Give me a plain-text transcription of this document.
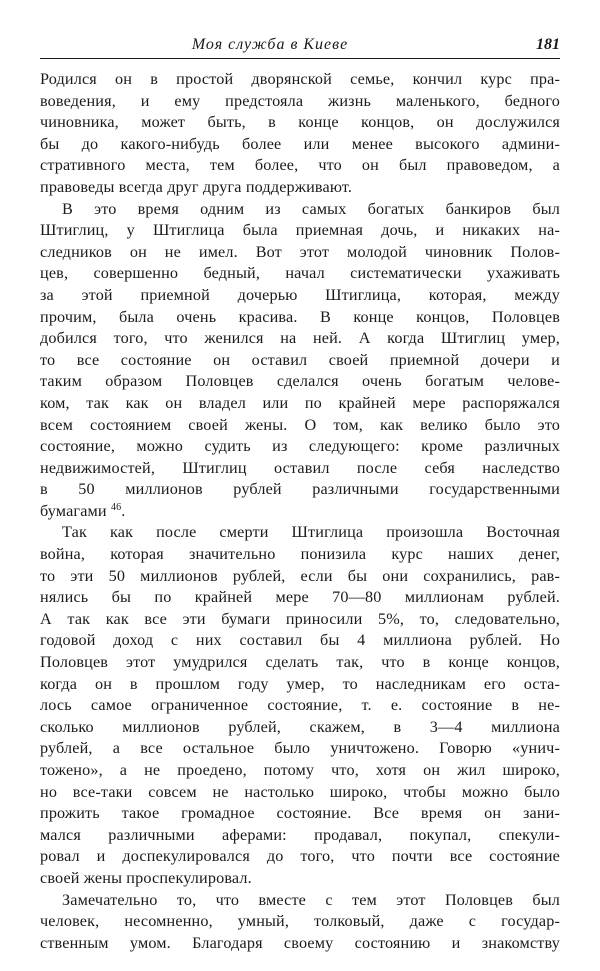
Моя служба в Киеве	181

Родился он в простой дворянской семье, кончил курс пра-
воведения, и ему предстояла жизнь маленького, бедного
чиновника, может быть, в конце концов, он дослужился
бы до какого-нибудь более или менее высокого админи-
стративного места, тем более, что он был правоведом, а
правоведы всегда друг друга поддерживают.

В это время одним из самых богатых банкиров был
Штиглиц, у Штиглица была приемная дочь, и никаких на-
следников он не имел. Вот этот молодой чиновник Полов-
цев, совершенно бедный, начал систематически ухаживать
за этой приемной дочерью Штиглица, которая, между
прочим, была очень красива. В конце концов, Половцев
добился того, что женился на ней. А когда Штиглиц умер,
то все состояние он оставил своей приемной дочери и
таким образом Половцев сделался очень богатым челове-
ком, так как он владел или по крайней мере распоряжался
всем состоянием своей жены. О том, как велико было это
состояние, можно судить из следующего: кроме различных
недвижимостей, Штиглиц оставил после себя наследство
в 50 миллионов рублей различными государственными
бумагами $^{46}$.

Так как после смерти Штиглица произошла Восточная
война, которая значительно понизила курс наших денег,
то эти 50 миллионов рублей, если бы они сохранились, рав-
нялись бы по крайней мере 70—80 миллионам рублей.
А так как все эти бумаги приносили 5%, то, следовательно,
годовой доход с них составил бы 4 миллиона рублей. Но
Половцев этот умудрился сделать так, что в конце концов,
когда он в прошлом году умер, то наследникам его оста-
лось самое ограниченное состояние, т. е. состояние в не-
сколько миллионов рублей, скажем, в 3—4 миллиона
рублей, а все остальное было уничтожено. Говорю «унич-
тожено», а не проедено, потому что, хотя он жил широко,
но все-таки совсем не настолько широко, чтобы можно было
прожить такое громадное состояние. Все время он зани-
мался различными аферами: продавал, покупал, спекули-
ровал и доспекулировался до того, что почти все состояние
своей жены проспекулировал.

Замечательно то, что вместе с тем этот Половцев был
человек, несомненно, умный, толковый, даже с государ-
ственным умом. Благодаря своему состоянию и знакомству
